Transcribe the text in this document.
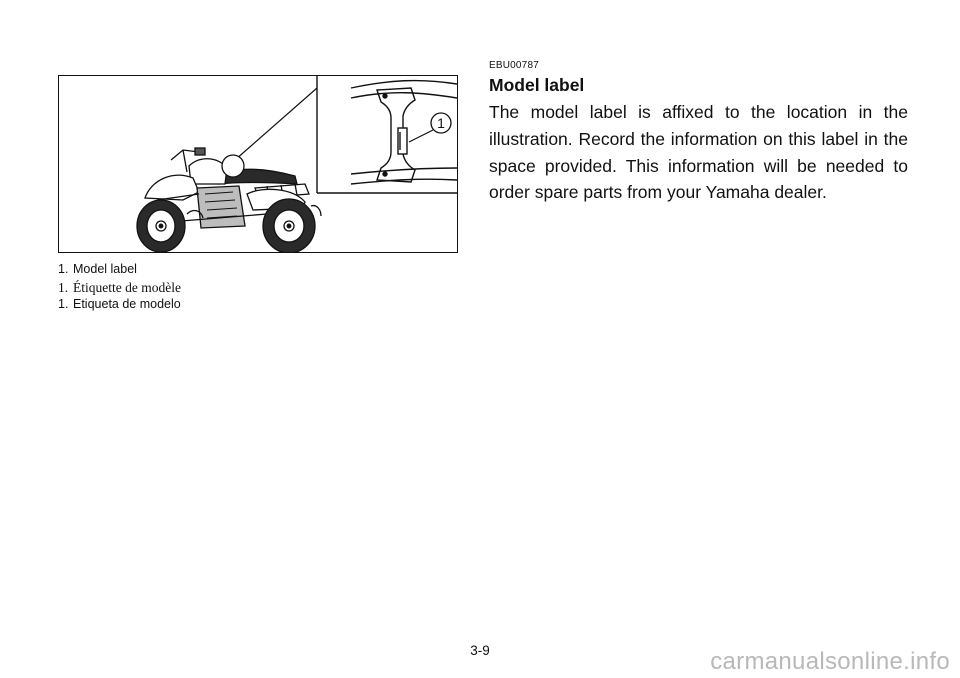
1
1. Model label
1. Étiquette de modèle
1. Etiqueta de modelo
EBU00787
Model label
The model label is affixed to the location in the illustration. Record the information on this label in the space provided. This information will be needed to order spare parts from your Yamaha dealer.
3-9	carmanualsonline.info
